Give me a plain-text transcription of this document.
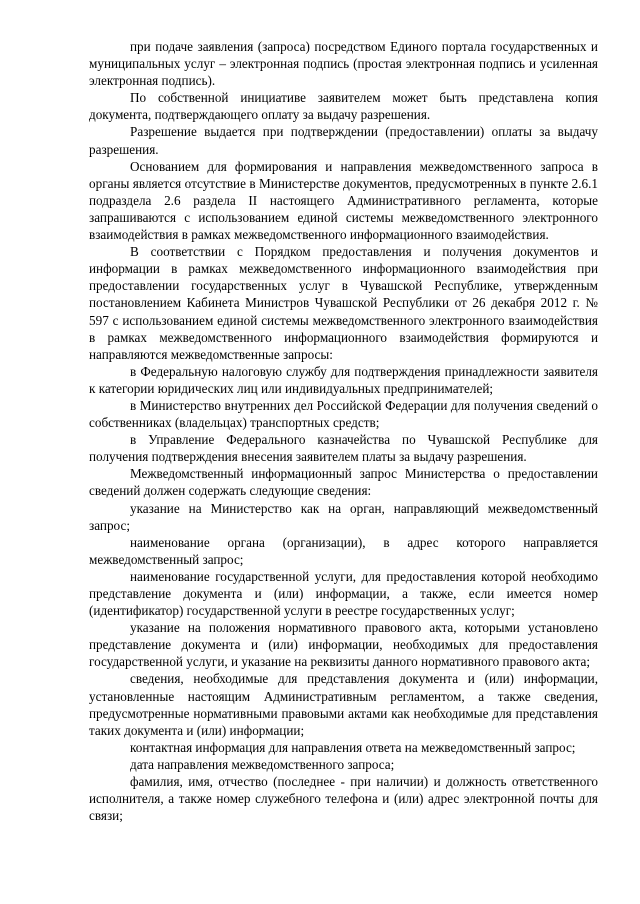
при подаче заявления (запроса) посредством Единого портала государственных и муниципальных услуг – электронная подпись (простая электронная подпись и усиленная электронная подпись).

По собственной инициативе заявителем может быть представлена копия документа, подтверждающего оплату за выдачу разрешения.

Разрешение выдается при подтверждении (предоставлении) оплаты за выдачу разрешения.

Основанием для формирования и направления межведомственного запроса в органы является отсутствие в Министерстве документов, предусмотренных в пункте 2.6.1 подраздела 2.6 раздела II настоящего Административного регламента, которые запрашиваются с использованием единой системы межведомственного электронного взаимодействия в рамках межведомственного информационного взаимодействия.

В соответствии с Порядком предоставления и получения документов и информации в рамках межведомственного информационного взаимодействия при предоставлении государственных услуг в Чувашской Республике, утвержденным постановлением Кабинета Министров Чувашской Республики от 26 декабря 2012 г. № 597 с использованием единой системы межведомственного электронного взаимодействия в рамках межведомственного информационного взаимодействия формируются и направляются межведомственные запросы:

в Федеральную налоговую службу для подтверждения принадлежности заявителя к категории юридических лиц или индивидуальных предпринимателей;

в Министерство внутренних дел Российской Федерации для получения сведений о собственниках (владельцах) транспортных средств;

в Управление Федерального казначейства по Чувашской Республике для получения подтверждения внесения заявителем платы за выдачу разрешения.

Межведомственный информационный запрос Министерства о предоставлении сведений должен содержать следующие сведения:

указание на Министерство как на орган, направляющий межведомственный запрос;

наименование органа (организации), в адрес которого направляется межведомственный запрос;

наименование государственной услуги, для предоставления которой необходимо представление документа и (или) информации, а также, если имеется номер (идентификатор) государственной услуги в реестре государственных услуг;

указание на положения нормативного правового акта, которыми установлено представление документа и (или) информации, необходимых для предоставления государственной услуги, и указание на реквизиты данного нормативного правового акта;

сведения, необходимые для представления документа и (или) информации, установленные настоящим Административным регламентом, а также сведения, предусмотренные нормативными правовыми актами как необходимые для представления таких документа и (или) информации;

контактная информация для направления ответа на межведомственный запрос;

дата направления межведомственного запроса;

фамилия, имя, отчество (последнее - при наличии) и должность ответственного исполнителя, а также номер служебного телефона и (или) адрес электронной почты для связи;
